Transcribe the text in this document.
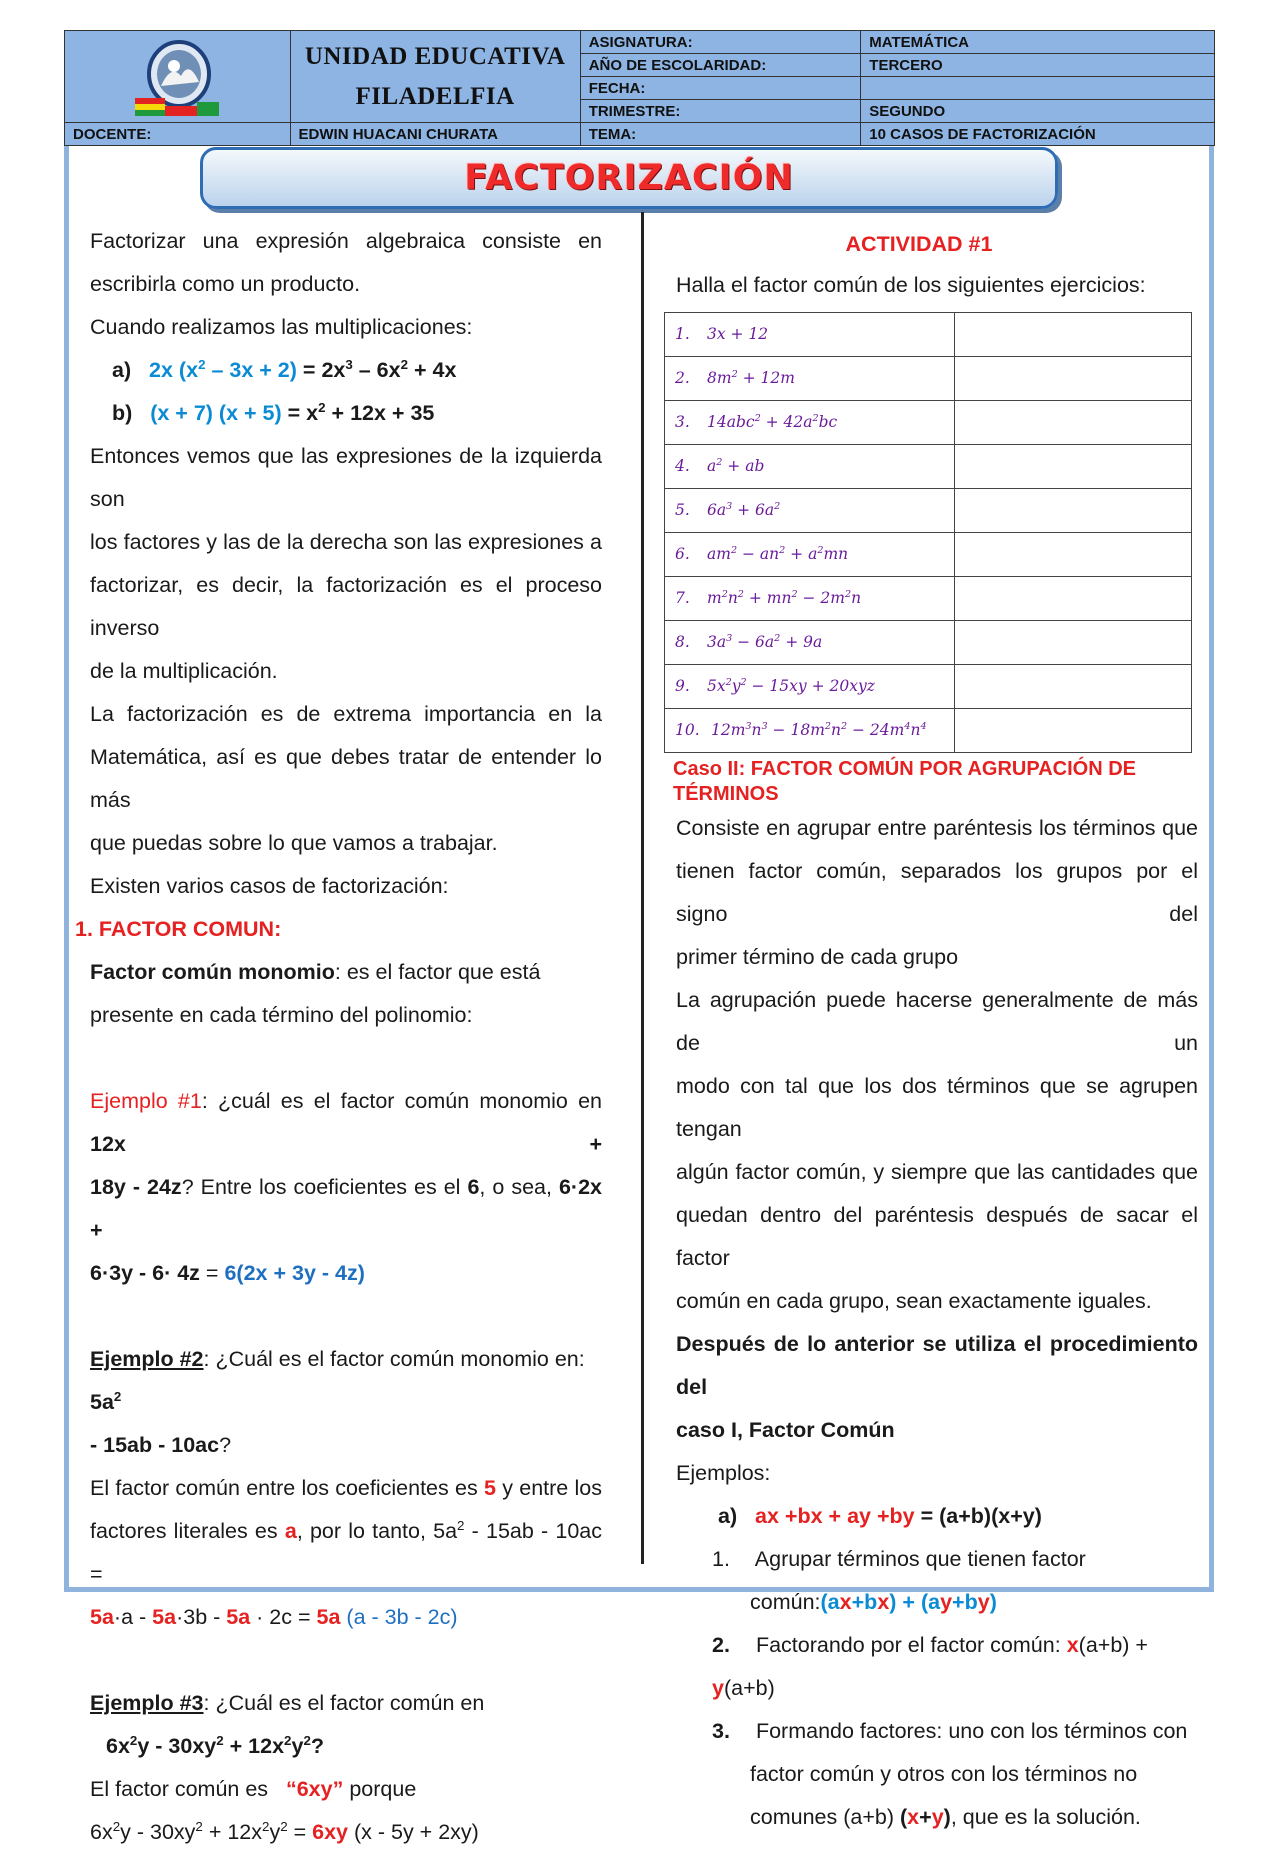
UNIDAD EDUCATIVA
FILADELFIA	ASIGNATURA:	MATEMÁTICA
		AÑO DE ESCOLARIDAD:	TERCERO
		FECHA:	
		TRIMESTRE:	SEGUNDO
DOCENTE:	EDWIN HUACANI CHURATA	TEMA:	10 CASOS DE FACTORIZACIÓN
FACTORIZACIÓN

Factorizar una expresión algebraica consiste en

escribirla como un producto.

Cuando realizamos las multiplicaciones:

a) 2x $(x^2 - 3x + 2) = 2x^3 - 6x^2 + 4x$

b) (x + 7) $(x + 5) = x^2 + 12x + 35$

Entonces vemos que las expresiones de la izquierda son

los factores y las de la derecha son las expresiones a

factorizar, es decir, la factorización es el proceso inverso

de la multiplicación.

La factorización es de extrema importancia en la

Matemática, así es que debes tratar de entender lo más

que puedas sobre lo que vamos a trabajar.

Existen varios casos de factorización:

1. FACTOR COMUN:

Factor común monomio: es el factor que está

presente en cada término del polinomio:

Ejemplo #1: ¿cuál es el factor común monomio en 12x +

18y - 24z? Entre los coeficientes es el 6, o sea, 6·2x +

6·3y - 6· 4z = 6(2x + 3y - 4z)

Ejemplo #2: ¿Cuál es el factor común monomio en:  $5a^2$

- 15ab - 10ac?

El factor común entre los coeficientes es 5 y entre los

factores literales es a, por lo tanto, $5a^2 - 15ab - 10ac$ =

5a·a - 5a·3b - 5a · 2c = 5a (a - 3b - 2c)

Ejemplo #3: ¿Cuál es el factor común en

$6x^2y - 30xy^2 + 12x^2y^2$?

El factor común es “6xy” porque

$6x^2y - 30xy^2 + 12x^2y^2 = 6xy$ (x - 5y + 2xy)

ACTIVIDAD #1

Halla el factor común de los siguientes ejercicios:

1. 3𝑥 + 12	
2. 8𝑚$^2$ + 12𝑚	
3. 14𝑎𝑏𝑐$^2$ + 42𝑎$^2$𝑏𝑐	
4. 𝑎$^2$ + 𝑎𝑏	
5. 6𝑎$^3$ + 6𝑎$^2$	
6. 𝑎𝑚$^2$ − 𝑎𝑛$^2$ + 𝑎$^2$𝑚𝑛	
7. 𝑚$^2$𝑛$^2$ + 𝑚𝑛$^2$ − 2𝑚$^2$𝑛	
8. 3𝑎$^3$ − 6𝑎$^2$ + 9𝑎	
9. 5𝑥$^2$𝑦$^2$ − 15𝑥𝑦 + 20𝑥𝑦𝑧	
10. 12𝑚$^3$𝑛$^3$ − 18𝑚$^2$𝑛$^2$ − 24𝑚$^4$𝑛$^4$	

Caso II: FACTOR COMÚN POR AGRUPACIÓN DE

TÉRMINOS

Consiste en agrupar entre paréntesis los términos que

tienen factor común, separados los grupos por el signo del

primer término de cada grupo

La agrupación puede hacerse generalmente de más de un

modo con tal que los dos términos que se agrupen tengan

algún factor común, y siempre que las cantidades que

quedan dentro del paréntesis después de sacar el factor

común en cada grupo, sean exactamente iguales.

Después de lo anterior se utiliza el procedimiento del

caso I, Factor Común

Ejemplos:

a)   ax +bx + ay +by = (a+b)(x+y)

1. Agrupar términos que tienen factor

común:(ax+bx) + (ay+by)

2. Factorando por el factor común: x(a+b) + y(a+b)

3. Formando factores: uno con los términos con

factor común y otros con los términos no

comunes (a+b) (x+y), que es la solución.
